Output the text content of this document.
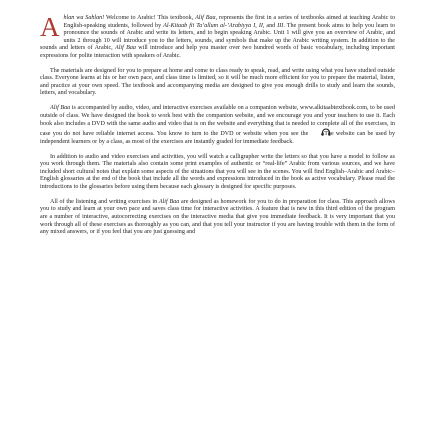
Ahlan wa Sahlan! Welcome to Arabic! This textbook, Alif Baa, represents the first in a series of textbooks aimed at teaching Arabic to English-speaking students, followed by Al-Kitaab fii Ta’allum al-’Arabiyya I, II, and III. The present book aims to help you learn to pronounce the sounds of Arabic and write its letters, and to begin speaking Arabic. Unit 1 will give you an overview of Arabic, and units 2 through 10 will introduce you to the letters, sounds, and symbols that make up the Arabic writing system. In addition to the sounds and letters of Arabic, Alif Baa will introduce and help you master over two hundred words of basic vocabulary, including important expressions for polite interaction with speakers of Arabic.

The materials are designed for you to prepare at home and come to class ready to speak, read, and write using what you have studied outside class. Everyone learns at his or her own pace, and class time is limited, so it will be much more efficient for you to prepare the material, listen, and practice at your own speed. The textbook and accompanying media are designed to give you enough drills to study and learn the sounds, letters, and vocabulary.

Alif Baa is accompanied by audio, video, and interactive exercises available on a companion website, www.alkitaabtextbook.com, to be used outside of class. We have designed the book to work best with the companion website, and we encourage you and your teachers to use it. Each book also includes a DVD with the same audio and video that is on the website and everything that is needed to complete all of the exercises, in case you do not have reliable internet access. You know to turn to the DVD or website when you see the . The website can be used by independent learners or by a class, as most of the exercises are instantly graded for immediate feedback.

In addition to audio and video exercises and activities, you will watch a calligrapher write the letters so that you have a model to follow as you work through them. The materials also contain some print examples of authentic or “real-life” Arabic from various sources, and we have included short cultural notes that explain some aspects of the situations that you will see in the scenes. You will find English–Arabic and Arabic–English glossaries at the end of the book that include all the words and expressions introduced in the book as active vocabulary. Please read the introductions to the glossaries before using them because each glossary is designed for specific purposes.

All of the listening and writing exercises in Alif Baa are designed as homework for you to do in preparation for class. This approach allows you to study and learn at your own pace and saves class time for interactive activities. A feature that is new in this third edition of the program are a number of interactive, autocorrecting exercises on the interactive media that give you immediate feedback. It is very important that you work through all of these exercises as thoroughly as you can, and that you tell your instructor if you are having trouble with them in the form of any mixed answers, or if you feel that you are just guessing and
